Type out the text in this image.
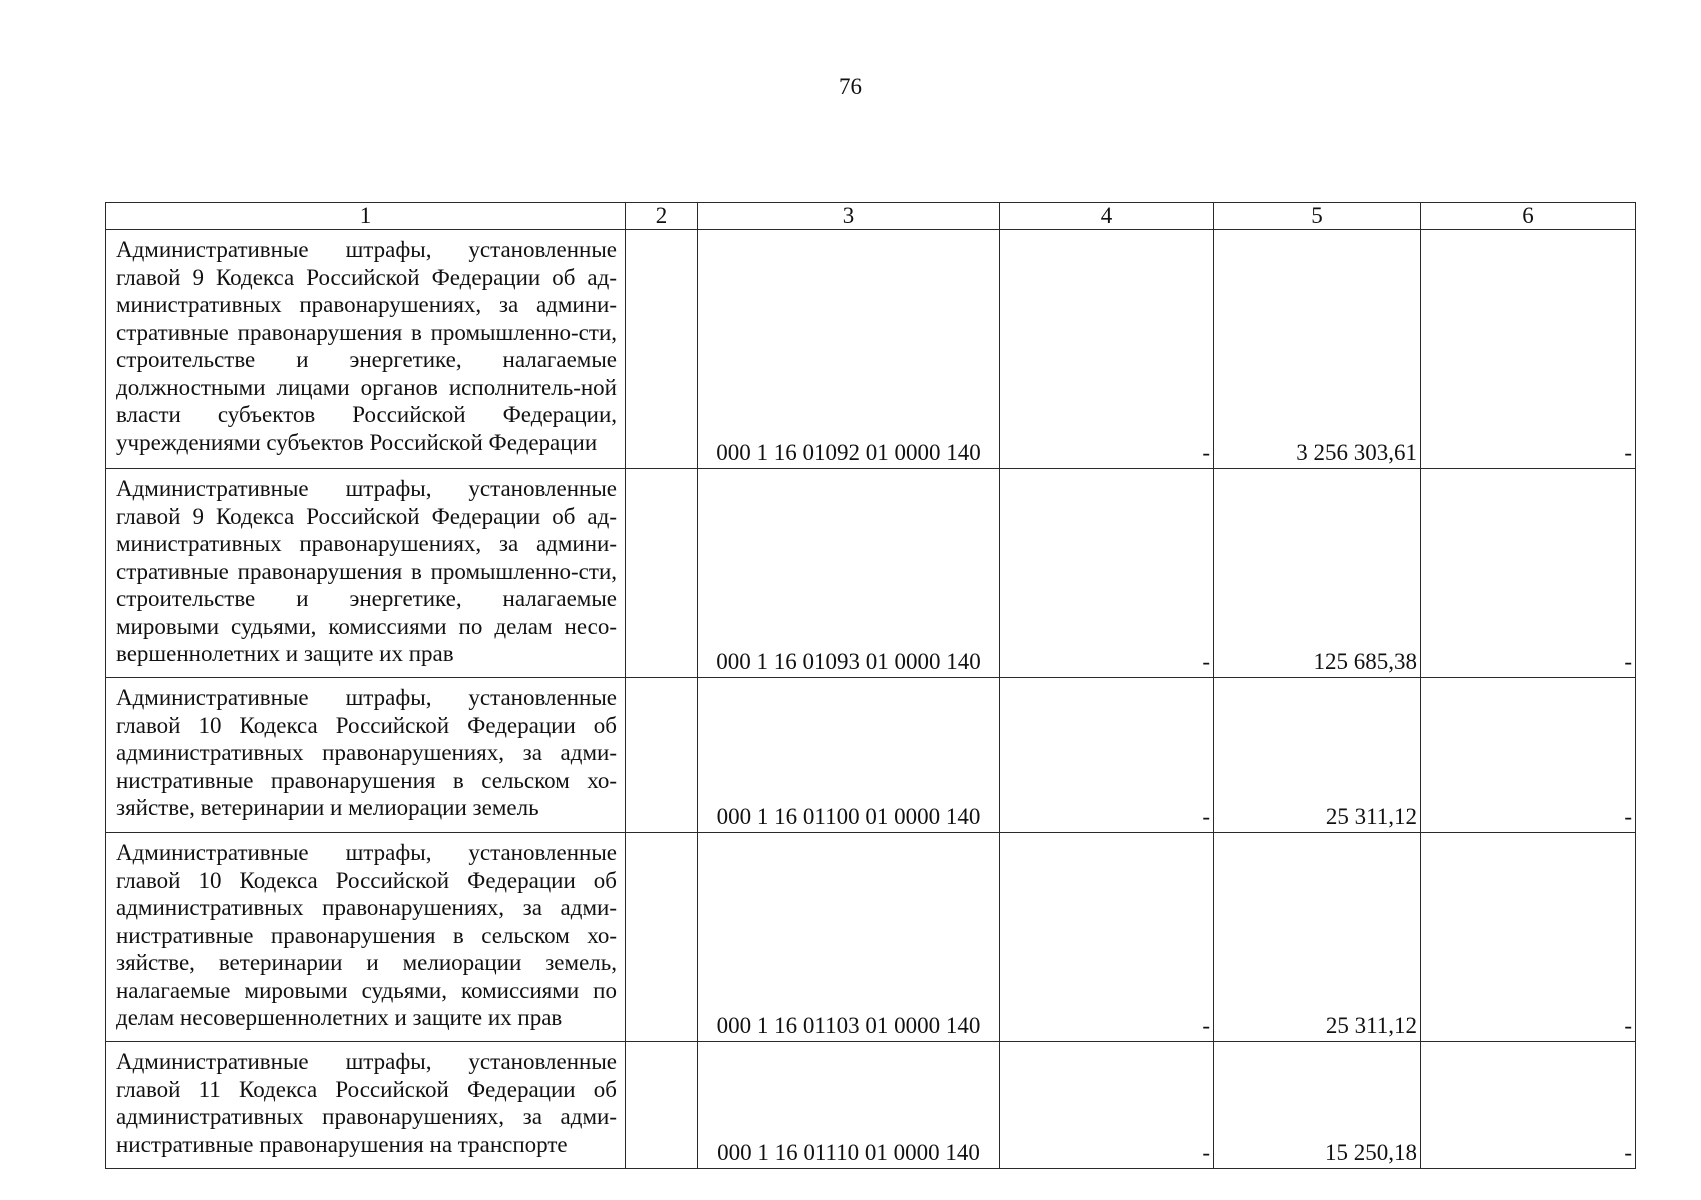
76
1	2	3	4	5	6
Административные штрафы, установленные главой 9 Кодекса Российской Федерации об ад-министративных правонарушениях, за админи-стративные правонарушения в промышленно-сти, строительстве и энергетике, налагаемые должностными лицами органов исполнитель-ной власти субъектов Российской Федерации, учреждениями субъектов Российской Федерации		000 1 16 01092 01 0000 140	-	3 256 303,61	-
Административные штрафы, установленные главой 9 Кодекса Российской Федерации об ад-министративных правонарушениях, за админи-стративные правонарушения в промышленно-сти, строительстве и энергетике, налагаемые мировыми судьями, комиссиями по делам несо-вершеннолетних и защите их прав		000 1 16 01093 01 0000 140	-	125 685,38	-
Административные штрафы, установленные главой 10 Кодекса Российской Федерации об административных правонарушениях, за адми-нистративные правонарушения в сельском хо-зяйстве, ветеринарии и мелиорации земель		000 1 16 01100 01 0000 140	-	25 311,12	-
Административные штрафы, установленные главой 10 Кодекса Российской Федерации об административных правонарушениях, за адми-нистративные правонарушения в сельском хо-зяйстве, ветеринарии и мелиорации земель, налагаемые мировыми судьями, комиссиями по делам несовершеннолетних и защите их прав		000 1 16 01103 01 0000 140	-	25 311,12	-
Административные штрафы, установленные главой 11 Кодекса Российской Федерации об административных правонарушениях, за адми-нистративные правонарушения на транспорте		000 1 16 01110 01 0000 140	-	15 250,18	-
